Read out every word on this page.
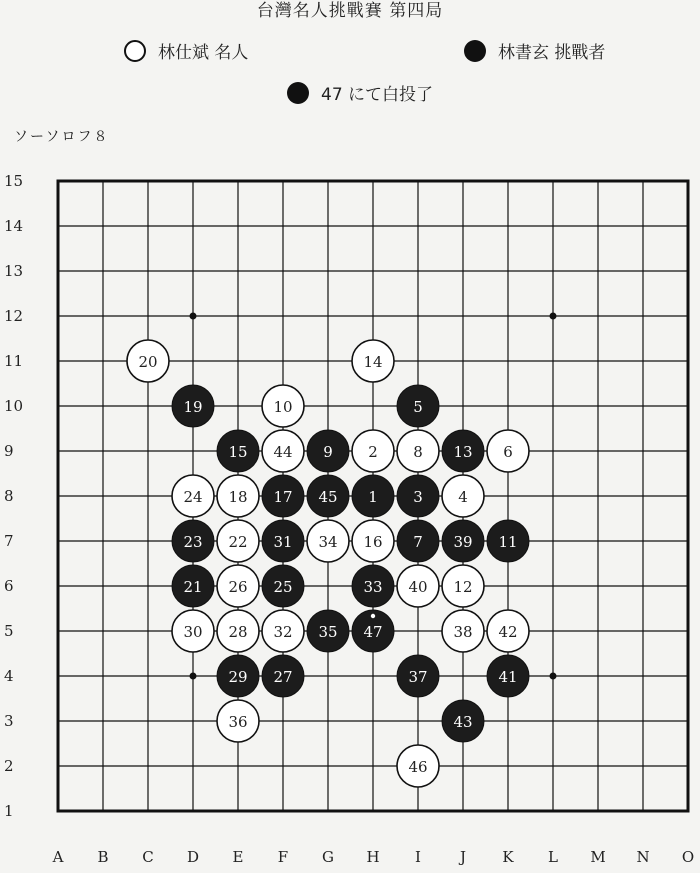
台灣名人挑戰賽 第四局
林仕斌 名人	林書玄 挑戰者
47 にて白投了
ソーソロフ８
15
14
13
12
11
10
9
8
7
6
5
4
3
2
1
A B C D E F G H I	J K L M N O
1
2
3 4
5
6
7
8
9
10
11
12
13
14
15
16
17
18
19
20
21
22
23
24
25
26
27
28
29
30
31
32
33
34
35
36
37
38
39
40
41
42
43
44
45
46
47
